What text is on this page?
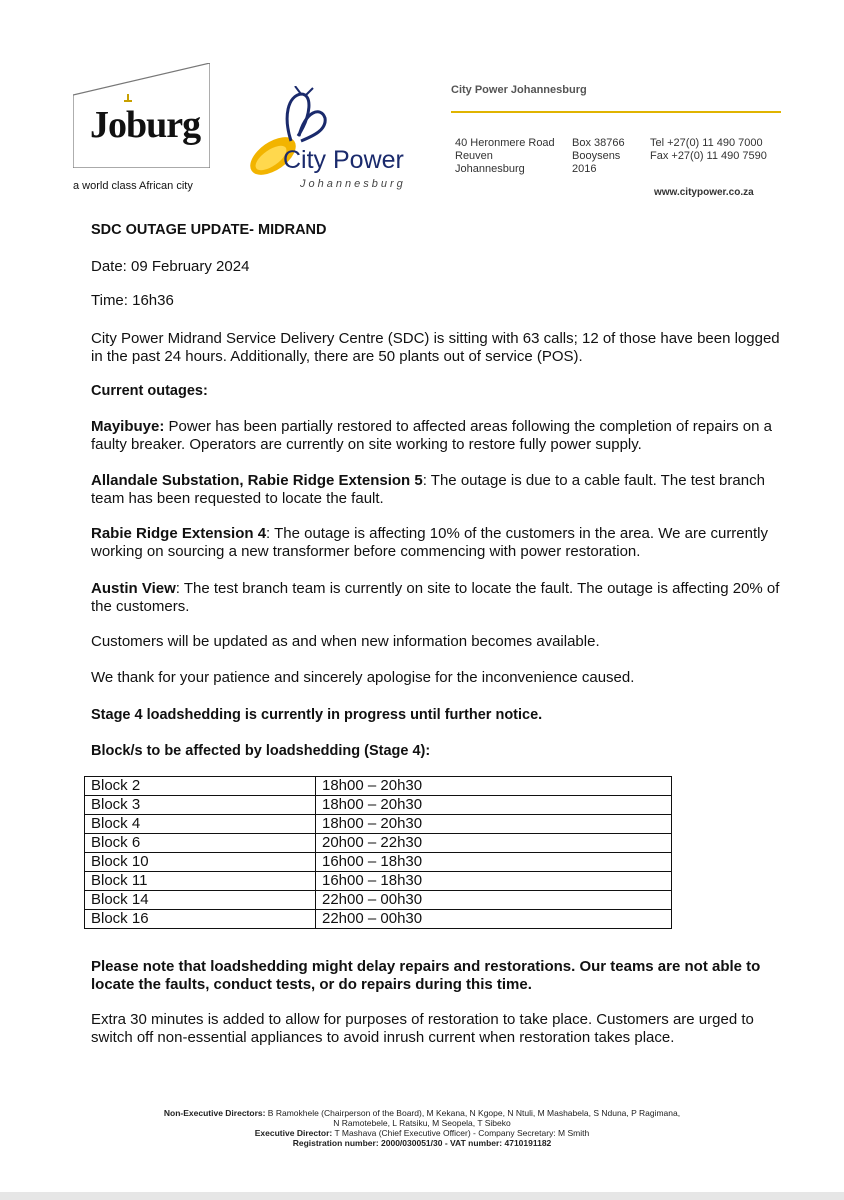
Joburg
a world class African city
City Power
Johannesburg
City Power Johannesburg
40 Heronmere Road
Reuven
Johannesburg
Box 38766
Booysens
2016
Tel +27(0) 11 490 7000
Fax +27(0) 11 490 7590
www.citypower.co.za
SDC OUTAGE UPDATE- MIDRAND
Date: 09 February 2024
Time: 16h36
City Power Midrand Service Delivery Centre (SDC) is sitting with 63 calls; 12 of those have been logged in the past 24 hours. Additionally, there are 50 plants out of service (POS).
Current outages:
Mayibuye: Power has been partially restored to affected areas following the completion of repairs on a faulty breaker. Operators are currently on site working to restore fully power supply.
Allandale Substation, Rabie Ridge Extension 5: The outage is due to a cable fault. The test branch team has been requested to locate the fault.
Rabie Ridge Extension 4: The outage is affecting 10% of the customers in the area. We are currently working on sourcing a new transformer before commencing with power restoration.
Austin View: The test branch team is currently on site to locate the fault. The outage is affecting 20% of the customers.
Customers will be updated as and when new information becomes available.
We thank for your patience and sincerely apologise for the inconvenience caused.
Stage 4 loadshedding is currently in progress until further notice.
Block/s to be affected by loadshedding (Stage 4):
Block 2	18h00 – 20h30
Block 3	18h00 – 20h30
Block 4	18h00 – 20h30
Block 6	20h00 – 22h30
Block 10	16h00 – 18h30
Block 11	16h00 – 18h30
Block 14	22h00 – 00h30
Block 16	22h00 – 00h30
Please note that loadshedding might delay repairs and restorations. Our teams are not able to locate the faults, conduct tests, or do repairs during this time.
Extra 30 minutes is added to allow for purposes of restoration to take place. Customers are urged to switch off non-essential appliances to avoid inrush current when restoration takes place.
Non-Executive Directors: B Ramokhele (Chairperson of the Board), M Kekana, N Kgope, N Ntuli, M Mashabela, S Nduna, P Ragimana,
N Ramotebele, L Ratsiku, M Seopela, T Sibeko
Executive Director: T Mashava (Chief Executive Officer) - Company Secretary: M Smith
Registration number: 2000/030051/30 - VAT number: 4710191182
